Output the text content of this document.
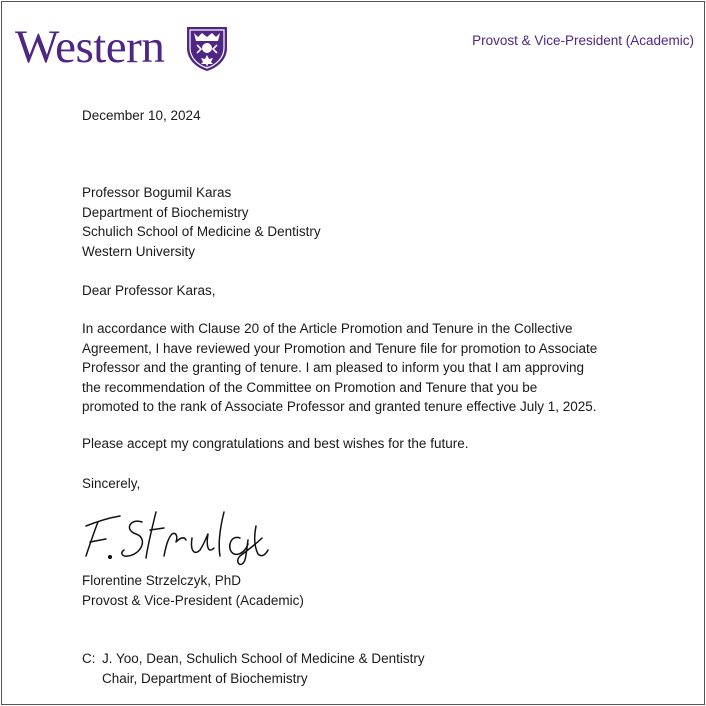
Western	Provost & Vice-President (Academic)
December 10, 2024
Professor Bogumil Karas
Department of Biochemistry
Schulich School of Medicine & Dentistry
Western University
Dear Professor Karas,
In accordance with Clause 20 of the Article Promotion and Tenure in the Collective
Agreement, I have reviewed your Promotion and Tenure file for promotion to Associate
Professor and the granting of tenure. I am pleased to inform you that I am approving
the recommendation of the Committee on Promotion and Tenure that you be
promoted to the rank of Associate Professor and granted tenure effective July 1, 2025.
Please accept my congratulations and best wishes for the future.
Sincerely,
Florentine Strzelczyk, PhD
Provost & Vice-President (Academic)
C: J. Yoo, Dean, Schulich School of Medicine & Dentistry
Chair, Department of Biochemistry
